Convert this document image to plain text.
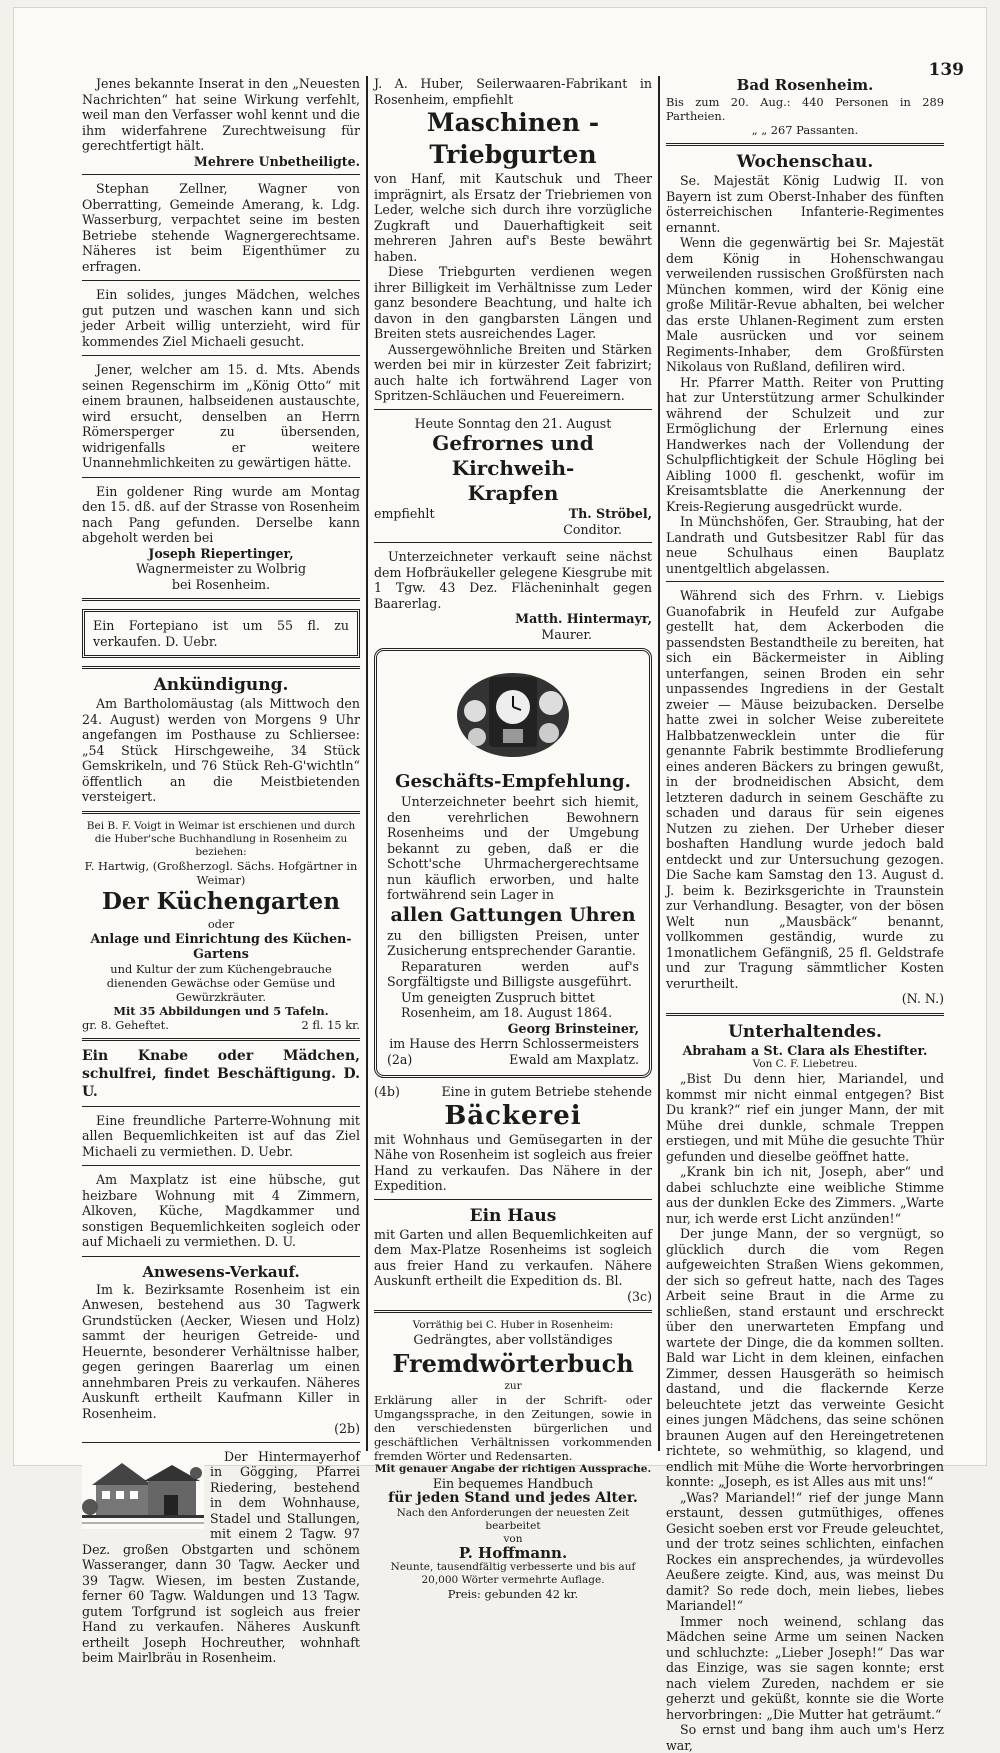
139

Jenes bekannte Inserat in den „Neuesten Nachrichten“ hat seine Wirkung verfehlt, weil man den Verfasser wohl kennt und die ihm widerfahrene Zurechtweisung für gerechtfertigt hält.

Mehrere Unbetheiligte.

Stephan Zellner, Wagner von Oberratting, Gemeinde Amerang, k. Ldg. Wasserburg, verpachtet seine im besten Betriebe stehende Wagnergerechtsame. Näheres ist beim Eigenthümer zu erfragen.

Ein solides, junges Mädchen, welches gut putzen und waschen kann und sich jeder Arbeit willig unterzieht, wird für kommendes Ziel Michaeli gesucht.

Jener, welcher am 15. d. Mts. Abends seinen Regenschirm im „König Otto“ mit einem braunen, halbseidenen austauschte, wird ersucht, denselben an Herrn Römersperger zu übersenden, widrigenfalls er weitere Unannehmlichkeiten zu gewärtigen hätte.

Ein goldener Ring wurde am Montag den 15. dß. auf der Strasse von Rosenheim nach Pang gefunden. Derselbe kann abgeholt werden bei

Joseph Riepertinger,

Wagnermeister zu Wolbrig

bei Rosenheim.

Ein Fortepiano ist um 55 fl. zu verkaufen. D. Uebr.

Ankündigung.

Am Bartholomäustag (als Mittwoch den 24. August) werden von Morgens 9 Uhr angefangen im Posthause zu Schliersee: „54 Stück Hirschgeweihe, 34 Stück Gemskrikeln, und 76 Stück Reh-G'wichtln“ öffentlich an die Meistbietenden versteigert.

Bei B. F. Voigt in Weimar ist erschienen und durch die Huber'sche Buchhandlung in Rosenheim zu beziehen:

F. Hartwig, (Großherzogl. Sächs. Hofgärtner in Weimar)

Der Küchengarten

oder

Anlage und Einrichtung des Küchen-Gartens

und Kultur der zum Küchengebrauche dienenden Gewächse oder Gemüse und Gewürzkräuter.

Mit 35 Abbildungen und 5 Tafeln.

gr. 8. Geheftet.	2 fl. 15 kr.

Ein Knabe oder Mädchen, schulfrei, findet Beschäftigung. D. U.

Eine freundliche Parterre-Wohnung mit allen Bequemlichkeiten ist auf das Ziel Michaeli zu vermiethen. D. Uebr.

Am Maxplatz ist eine hübsche, gut heizbare Wohnung mit 4 Zimmern, Alkoven, Küche, Magdkammer und sonstigen Bequemlichkeiten sogleich oder auf Michaeli zu vermiethen. D. U.

Anwesens-Verkauf.

Im k. Bezirksamte Rosenheim ist ein Anwesen, bestehend aus 30 Tagwerk Grundstücken (Aecker, Wiesen und Holz) sammt der heurigen Getreide- und Heuernte, besonderer Verhältnisse halber, gegen geringen Baarerlag um einen annehmbaren Preis zu verkaufen. Näheres Auskunft ertheilt Kaufmann Killer in Rosenheim.

(2b)

Der Hintermayerhof in Gögging, Pfarrei Riedering, bestehend in dem Wohnhause, Stadel und Stallungen, mit einem 2 Tagw. 97 Dez. großen Obstgarten und schönem Wasseranger, dann 30 Tagw. Aecker und 39 Tagw. Wiesen, im besten Zustande, ferner 60 Tagw. Waldungen und 13 Tagw. gutem Torfgrund ist sogleich aus freier Hand zu verkaufen. Näheres Auskunft ertheilt Joseph Hochreuther, wohnhaft beim Mairlbräu in Rosenheim.

J. A. Huber, Seilerwaaren-Fabrikant in Rosenheim, empfiehlt

Maschinen - Triebgurten

von Hanf, mit Kautschuk und Theer imprägnirt, als Ersatz der Triebriemen von Leder, welche sich durch ihre vorzügliche Zugkraft und Dauerhaftigkeit seit mehreren Jahren auf's Beste bewährt haben.

Diese Triebgurten verdienen wegen ihrer Billigkeit im Verhältnisse zum Leder ganz besondere Beachtung, und halte ich davon in den gangbarsten Längen und Breiten stets ausreichendes Lager.

Aussergewöhnliche Breiten und Stärken werden bei mir in kürzester Zeit fabrizirt; auch halte ich fortwährend Lager von Spritzen-Schläuchen und Feuereimern.

Heute Sonntag den 21. August

Gefrornes und Kirchweih-
Krapfen
empfiehlt	Th. Ströbel,

Conditor.

Unterzeichneter verkauft seine nächst dem Hofbräukeller gelegene Kiesgrube mit 1 Tgw. 43 Dez. Flächeninhalt gegen Baarerlag.

Matth. Hintermayr,

Maurer.

Geschäfts-Empfehlung.

Unterzeichneter beehrt sich hiemit, den verehrlichen Bewohnern Rosenheims und der Umgebung bekannt zu geben, daß er die Schott'sche Uhrmachergerechtsame nun käuflich erworben, und halte fortwährend sein Lager in

allen Gattungen Uhren

zu den billigsten Preisen, unter Zusicherung entsprechender Garantie.

Reparaturen werden auf's Sorgfältigste und Billigste ausgeführt.

Um geneigten Zuspruch bittet

Rosenheim, am 18. August 1864.

Georg Brinsteiner,

im Hause des Herrn Schlossermeisters

(2a)	Ewald am Maxplatz.
(4b)	Eine in gutem Betriebe stehende
Bäckerei

mit Wohnhaus und Gemüsegarten in der Nähe von Rosenheim ist sogleich aus freier Hand zu verkaufen. Das Nähere in der Expedition.

Ein Haus

mit Garten und allen Bequemlichkeiten auf dem Max-Platze Rosenheims ist sogleich aus freier Hand zu verkaufen. Nähere Auskunft ertheilt die Expedition ds. Bl.

(3c)

Vorräthig bei C. Huber in Rosenheim:

Gedrängtes, aber vollständiges

Fremdwörterbuch

zur

Erklärung aller in der Schrift- oder Umgangssprache, in den Zeitungen, sowie in den verschiedensten bürgerlichen und geschäftlichen Verhältnissen vorkommenden fremden Wörter und Redensarten.

Mit genauer Angabe der richtigen Aussprache.

Ein bequemes Handbuch

für jeden Stand und jedes Alter.

Nach den Anforderungen der neuesten Zeit bearbeitet

von

P. Hoffmann.

Neunte, tausendfältig verbesserte und bis auf 20,000 Wörter vermehrte Auflage.

Preis: gebunden 42 kr.

Bad Rosenheim.

Bis zum 20. Aug.: 440 Personen in 289 Partheien.

„ „ 267 Passanten.

Wochenschau.

Se. Majestät König Ludwig II. von Bayern ist zum Oberst-Inhaber des fünften österreichischen Infanterie-Regimentes ernannt.

Wenn die gegenwärtig bei Sr. Majestät dem König in Hohenschwangau verweilenden russischen Großfürsten nach München kommen, wird der König eine große Militär-Revue abhalten, bei welcher das erste Uhlanen-Regiment zum ersten Male ausrücken und vor seinem Regiments-Inhaber, dem Großfürsten Nikolaus von Rußland, defiliren wird.

Hr. Pfarrer Matth. Reiter von Prutting hat zur Unterstützung armer Schulkinder während der Schulzeit und zur Ermöglichung der Erlernung eines Handwerkes nach der Vollendung der Schulpflichtigkeit der Schule Högling bei Aibling 1000 fl. geschenkt, wofür im Kreisamtsblatte die Anerkennung der Kreis-Regierung ausgedrückt wurde.

In Münchshöfen, Ger. Straubing, hat der Landrath und Gutsbesitzer Rabl für das neue Schulhaus einen Bauplatz unentgeltlich abgelassen.

Während sich des Frhrn. v. Liebigs Guanofabrik in Heufeld zur Aufgabe gestellt hat, dem Ackerboden die passendsten Bestandtheile zu bereiten, hat sich ein Bäckermeister in Aibling unterfangen, seinen Broden ein sehr unpassendes Ingrediens in der Gestalt zweier — Mäuse beizubacken. Derselbe hatte zwei in solcher Weise zubereitete Halbbatzenwecklein unter die für genannte Fabrik bestimmte Brodlieferung eines anderen Bäckers zu bringen gewußt, in der brodneidischen Absicht, dem letzteren dadurch in seinem Geschäfte zu schaden und daraus für sein eigenes Nutzen zu ziehen. Der Urheber dieser boshaften Handlung wurde jedoch bald entdeckt und zur Untersuchung gezogen. Die Sache kam Samstag den 13. August d. J. beim k. Bezirksgerichte in Traunstein zur Verhandlung. Besagter, von der bösen Welt nun „Mausbäck“ benannt, vollkommen geständig, wurde zu 1monatlichem Gefängniß, 25 fl. Geldstrafe und zur Tragung sämmtlicher Kosten verurtheilt.

(N. N.)

Unterhaltendes.

Abraham a St. Clara als Ehestifter.

Von C. F. Liebetreu.

„Bist Du denn hier, Mariandel, und kommst mir nicht einmal entgegen? Bist Du krank?“ rief ein junger Mann, der mit Mühe drei dunkle, schmale Treppen erstiegen, und mit Mühe die gesuchte Thür gefunden und dieselbe geöffnet hatte.

„Krank bin ich nit, Joseph, aber“ und dabei schluchzte eine weibliche Stimme aus der dunklen Ecke des Zimmers. „Warte nur, ich werde erst Licht anzünden!“

Der junge Mann, der so vergnügt, so glücklich durch die vom Regen aufgeweichten Straßen Wiens gekommen, der sich so gefreut hatte, nach des Tages Arbeit seine Braut in die Arme zu schließen, stand erstaunt und erschreckt über den unerwarteten Empfang und wartete der Dinge, die da kommen sollten. Bald war Licht in dem kleinen, einfachen Zimmer, dessen Hausgeräth so heimisch dastand, und die flackernde Kerze beleuchtete jetzt das verweinte Gesicht eines jungen Mädchens, das seine schönen braunen Augen auf den Hereingetretenen richtete, so wehmüthig, so klagend, und endlich mit Mühe die Worte hervorbringen konnte: „Joseph, es ist Alles aus mit uns!“

„Was? Mariandel!“ rief der junge Mann erstaunt, dessen gutmüthiges, offenes Gesicht soeben erst vor Freude geleuchtet, und der trotz seines schlichten, einfachen Rockes ein ansprechendes, ja würdevolles Aeußere zeigte. Kind, aus, was meinst Du damit? So rede doch, mein liebes, liebes Mariandel!“

Immer noch weinend, schlang das Mädchen seine Arme um seinen Nacken und schluchzte: „Lieber Joseph!“ Das war das Einzige, was sie sagen konnte; erst nach vielem Zureden, nachdem er sie geherzt und geküßt, konnte sie die Worte hervorbringen: „Die Mutter hat geträumt.“

So ernst und bang ihm auch um's Herz war,
